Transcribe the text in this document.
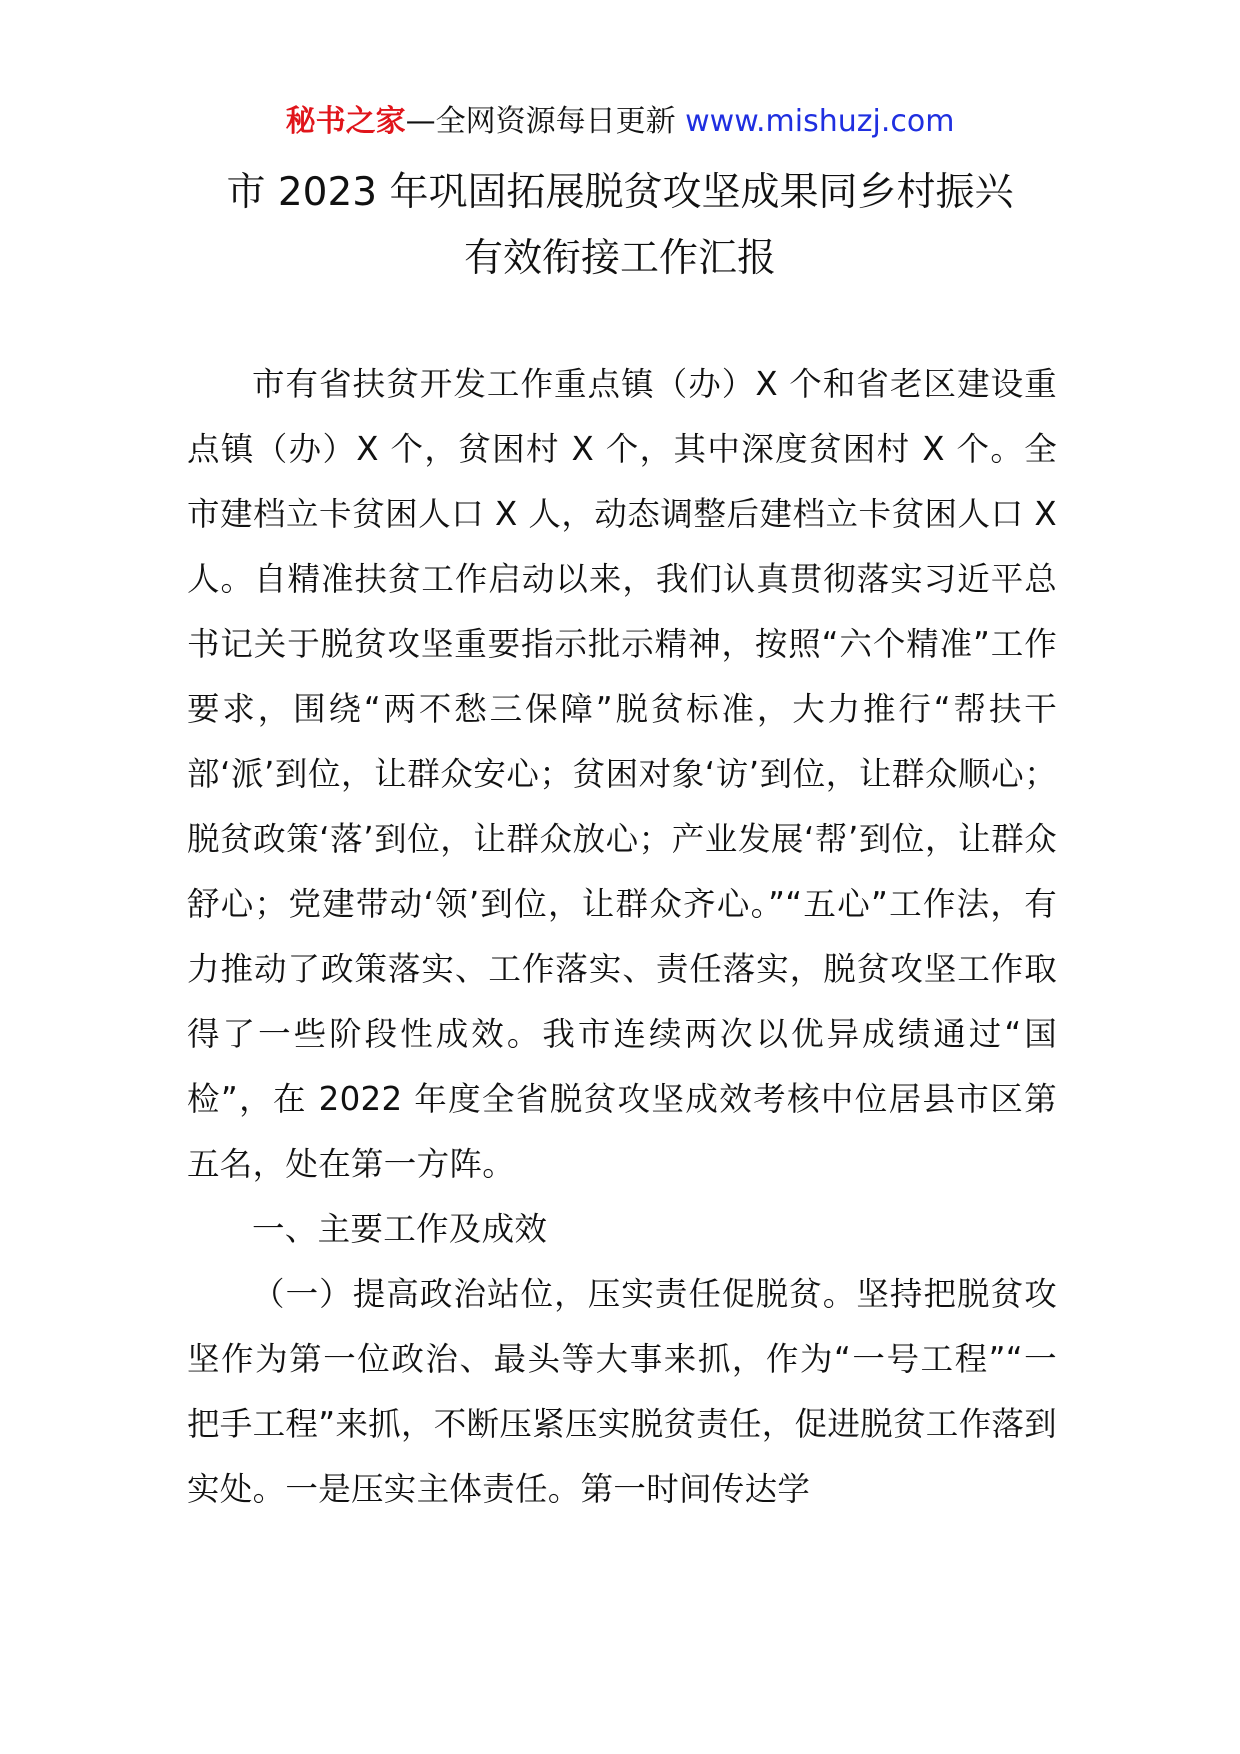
秘书之家—全网资源每日更新 www.mishuzj.com
市 2023 年巩固拓展脱贫攻坚成果同乡村振兴
有效衔接工作汇报

市有省扶贫开发工作重点镇（办）X 个和省老区建设重点镇（办）X 个，贫困村 X 个，其中深度贫困村 X 个。全市建档立卡贫困人口 X 人，动态调整后建档立卡贫困人口 X 人。自精准扶贫工作启动以来，我们认真贯彻落实习近平总书记关于脱贫攻坚重要指示批示精神，按照“六个精准”工作要求，围绕“两不愁三保障”脱贫标准，大力推行“帮扶干部‘派’到位，让群众安心；贫困对象‘访’到位，让群众顺心；脱贫政策‘落’到位，让群众放心；产业发展‘帮’到位，让群众舒心；党建带动‘领’到位，让群众齐心。”“五心”工作法，有力推动了政策落实、工作落实、责任落实，脱贫攻坚工作取得了一些阶段性成效。我市连续两次以优异成绩通过“国检”，在 2022 年度全省脱贫攻坚成效考核中位居县市区第五名，处在第一方阵。

一、主要工作及成效

（一）提高政治站位，压实责任促脱贫。坚持把脱贫攻坚作为第一位政治、最头等大事来抓，作为“一号工程”“一把手工程”来抓，不断压紧压实脱贫责任，促进脱贫工作落到实处。一是压实主体责任。第一时间传达学
